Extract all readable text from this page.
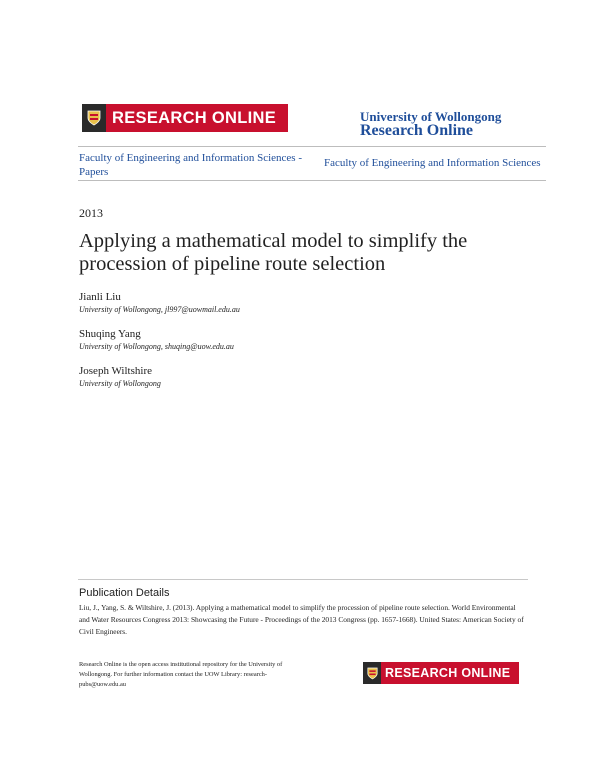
RESEARCH ONLINE	University of Wollongong
Research Online
Faculty of Engineering and Information Sciences - Papers
Faculty of Engineering and Information Sciences
2013
Applying a mathematical model to simplify the procession of pipeline route selection
Jianli Liu
University of Wollongong, jl997@uowmail.edu.au
Shuqing Yang
University of Wollongong, shuqing@uow.edu.au
Joseph Wiltshire
University of Wollongong
Publication Details
Liu, J., Yang, S. & Wiltshire, J. (2013). Applying a mathematical model to simplify the procession of pipeline route selection. World Environmental and Water Resources Congress 2013: Showcasing the Future - Proceedings of the 2013 Congress (pp. 1657-1668). United States: American Society of Civil Engineers.
Research Online is the open access institutional repository for the University of Wollongong. For further information contact the UOW Library: research-pubs@uow.edu.au
RESEARCH ONLINE
